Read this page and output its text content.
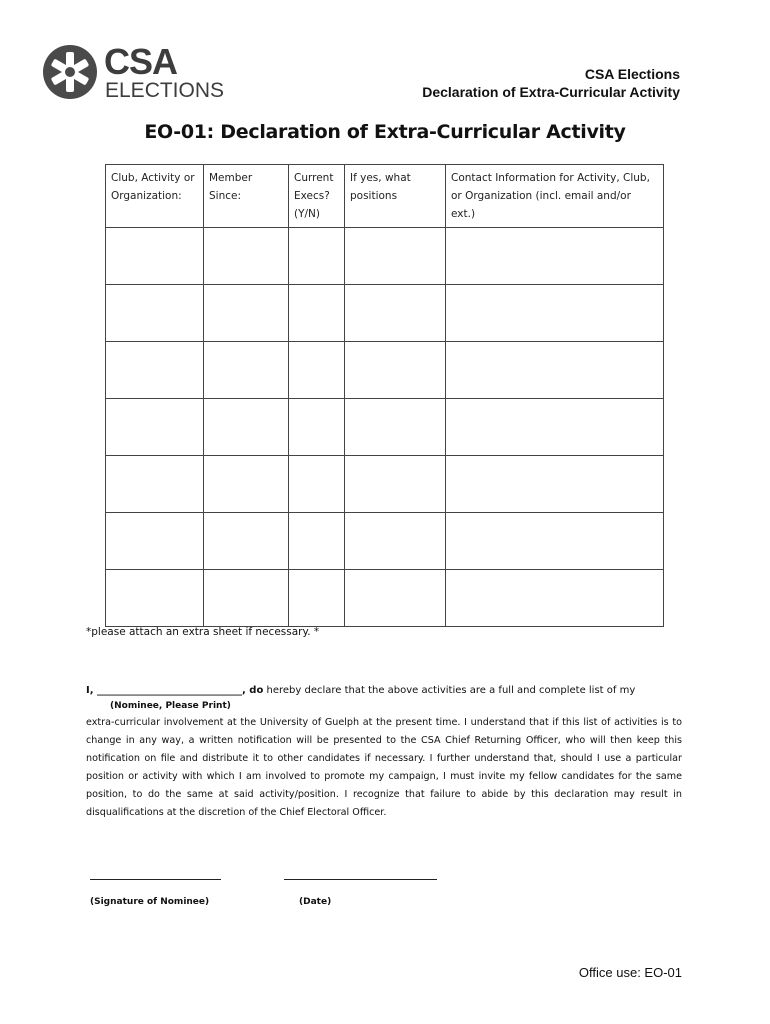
CSA
ELECTIONS
CSA Elections
Declaration of Extra-Curricular Activity
EO-01: Declaration of Extra-Curricular Activity
Club, Activity or Organization:	Member Since:	Current Execs? (Y/N)	If yes, what positions	Contact Information for Activity, Club, or Organization (incl. email and/or ext.)

*please attach an extra sheet if necessary. *
I, _____________________________, do hereby declare that the above activities are a full and complete list of my
(Nominee, Please Print)
extra-curricular involvement at the University of Guelph at the present time. I understand that if this list of activities is to change in any way, a written notification will be presented to the CSA Chief Returning Officer, who will then keep this notification on file and distribute it to other candidates if necessary. I further understand that, should I use a particular position or activity with which I am involved to promote my campaign, I must invite my fellow candidates for the same position, to do the same at said activity/position. I recognize that failure to abide by this declaration may result in disqualifications at the discretion of the Chief Electoral Officer.
(Signature of Nominee)	(Date)
Office use: EO-01
